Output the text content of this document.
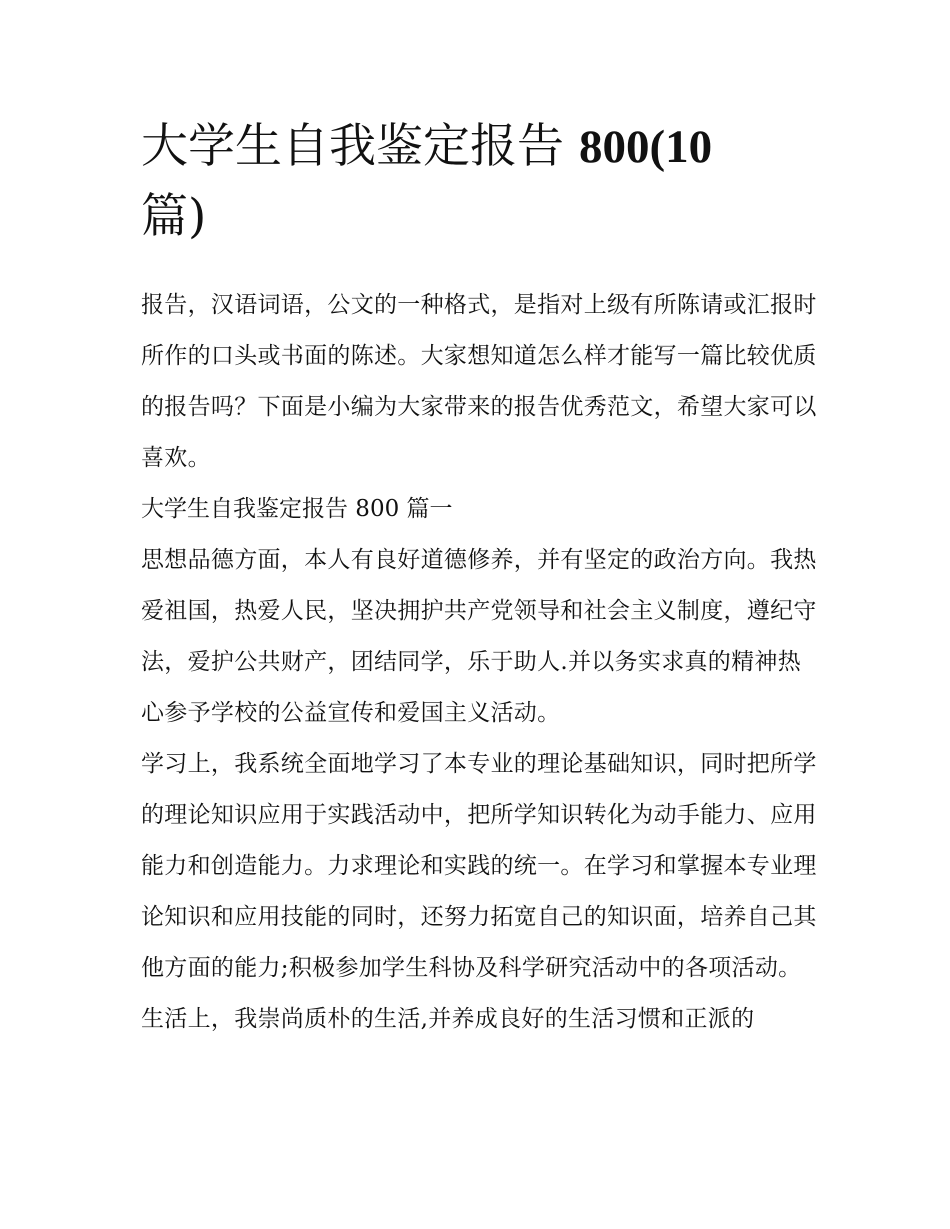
大学生自我鉴定报告 800(10
篇)

报告，汉语词语，公文的一种格式，是指对上级有所陈请或汇报时所作的口头或书面的陈述。大家想知道怎么样才能写一篇比较优质的报告吗？下面是小编为大家带来的报告优秀范文，希望大家可以喜欢。

大学生自我鉴定报告 800 篇一

思想品德方面，本人有良好道德修养，并有坚定的政治方向。我热爱祖国，热爱人民，坚决拥护共产党领导和社会主义制度，遵纪守法，爱护公共财产，团结同学，乐于助人.并以务实求真的精神热心参予学校的公益宣传和爱国主义活动。

学习上，我系统全面地学习了本专业的理论基础知识，同时把所学的理论知识应用于实践活动中，把所学知识转化为动手能力、应用能力和创造能力。力求理论和实践的统一。在学习和掌握本专业理论知识和应用技能的同时，还努力拓宽自己的知识面，培养自己其他方面的能力;积极参加学生科协及科学研究活动中的各项活动。

生活上，我崇尚质朴的生活,并养成良好的生活习惯和正派的
